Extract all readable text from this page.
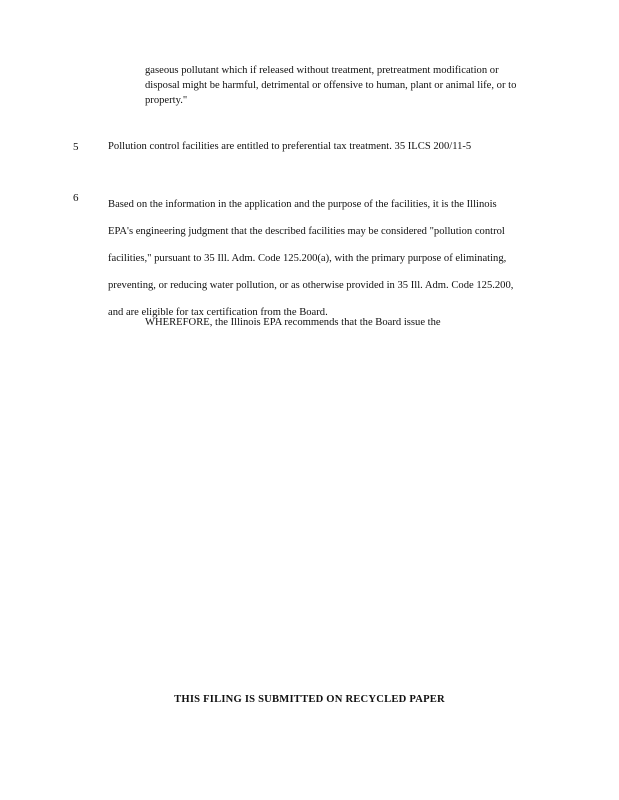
gaseous pollutant which if released without treatment, pretreatment modification or
disposal might be harmful, detrimental or offensive to human, plant or animal life, or to
property."
5	Pollution control facilities are entitled to preferential tax treatment. 35 ILCS 200/11-5
6
Based on the information in the application and the purpose of the facilities, it is the Illinois
EPA's engineering judgment that the described facilities may be considered "pollution control
facilities," pursuant to 35 Ill. Adm. Code 125.200(a), with the primary purpose of eliminating,
preventing, or reducing water pollution, or as otherwise provided in 35 Ill. Adm. Code 125.200,
and are eligible for tax certification from the Board.
WHEREFORE, the Illinois EPA recommends that the Board issue the
THIS FILING IS SUBMITTED ON RECYCLED PAPER
